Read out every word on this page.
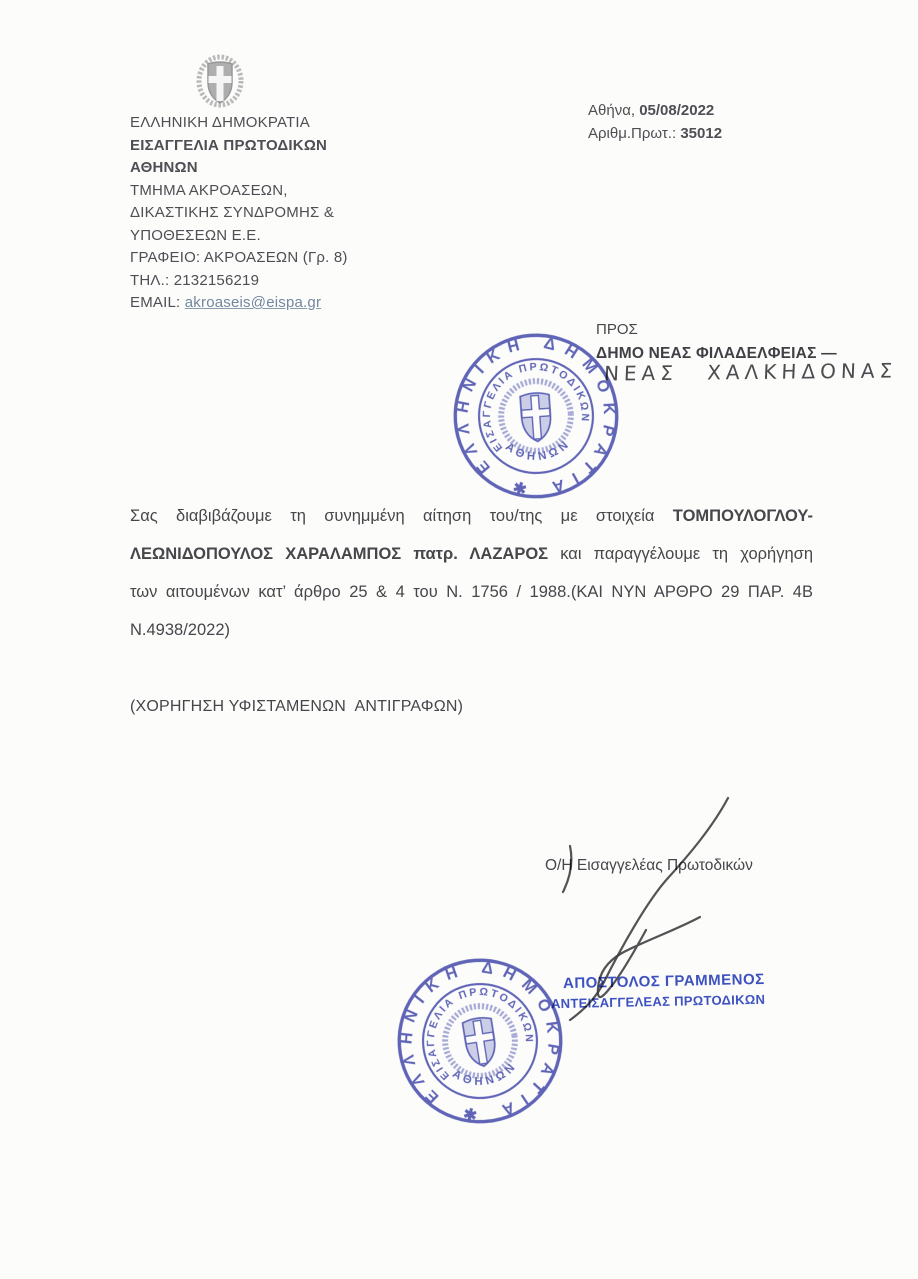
ΕΛΛΗΝΙΚΗ ΔΗΜΟΚΡΑΤΙΑ
ΕΙΣΑΓΓΕΛΙΑ ΠΡΩΤΟΔΙΚΩΝ
ΑΘΗΝΩΝ
ΤΜΗΜΑ ΑΚΡΟΑΣΕΩΝ,
ΔΙΚΑΣΤΙΚΗΣ ΣΥΝΔΡΟΜΗΣ &
ΥΠΟΘΕΣΕΩΝ Ε.Ε.
ΓΡΑΦΕΙΟ: ΑΚΡΟΑΣΕΩΝ (Γρ. 8)
ΤΗΛ.: 2132156219
EMAIL: akroaseis@eispa.gr
Αθήνα, 05/08/2022
Αριθμ.Πρωτ.: 35012
ΠΡΟΣ
ΔΗΜΟ ΝΕΑΣ ΦΙΛΑΔΕΛΦΕΙΑΣ —
ΝΕΑΣ ΧΑΛΚΗΔΟΝΑΣ
Σας διαβιβάζουμε τη συνημμένη αίτηση του/της με στοιχεία ΤΟΜΠΟΥΛΟΓΛΟΥ-
ΛΕΩΝΙΔΟΠΟΥΛΟΣ ΧΑΡΑΛΑΜΠΟΣ πατρ. ΛΑΖΑΡΟΣ και παραγγέλουμε τη χορήγηση
των αιτουμένων κατ’ άρθρο 25 & 4 του Ν. 1756 / 1988.(ΚΑΙ ΝΥΝ ΑΡΘΡΟ 29 ΠΑΡ. 4Β
Ν.4938/2022)
(ΧΟΡΗΓΗΣΗ ΥΦΙΣΤΑΜΕΝΩΝ  ΑΝΤΙΓΡΑΦΩΝ)
Ο/Η Εισαγγελέας Πρωτοδικών
ΑΠΟΣΤΟΛΟΣ ΓΡΑΜΜΕΝΟΣ
ΑΝΤΕΙΣΑΓΓΕΛΕΑΣ ΠΡΩΤΟΔΙΚΩΝ
ΕΛΛΗΝΙΚΗ ΔΗΜΟΚΡΑΤΙΑ ✱
ΕΙΣΑΓΓΕΛΙΑ ΠΡΩΤΟΔΙΚΩΝ
ΑΘΗΝΩΝ
ΕΛΛΗΝΙΚΗ ΔΗΜΟΚΡΑΤΙΑ ✱
ΕΙΣΑΓΓΕΛΙΑ ΠΡΩΤΟΔΙΚΩΝ
ΑΘΗΝΩΝ
